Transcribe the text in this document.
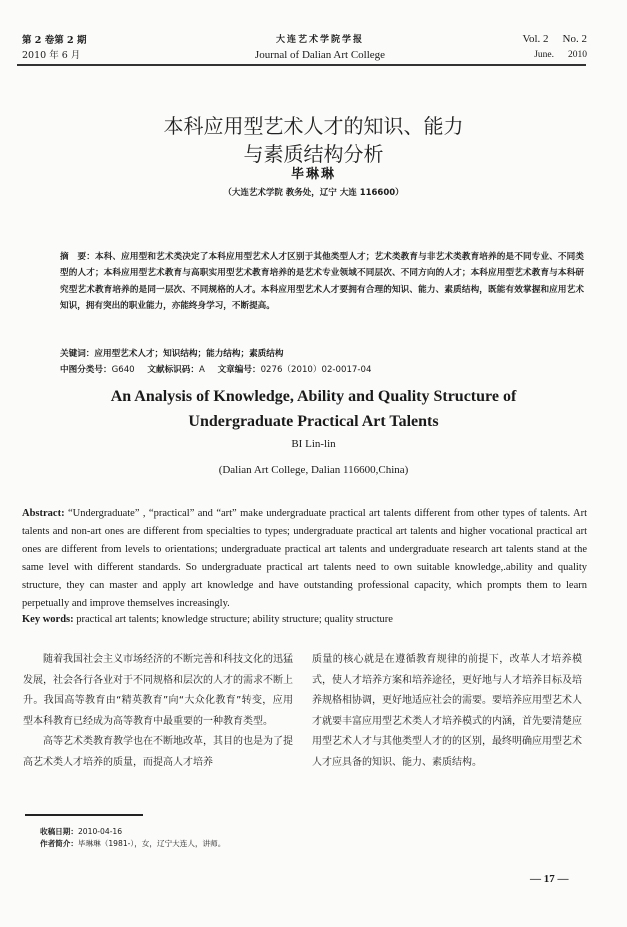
第 2 卷第 2 期
2010 年 6 月
大连艺术学院学报
Journal of Dalian Art College
Vol. 2 No. 2
June. 2010
本科应用型艺术人才的知识、能力
与素质结构分析
毕琳琳
（大连艺术学院 教务处，辽宁 大连 116600）
摘　要：本科、应用型和艺术类决定了本科应用型艺术人才区别于其他类型人才；艺术类教育与非艺术类教育培养的是不同专业、不同类型的人才；本科应用型艺术教育与高职实用型艺术教育培养的是艺术专业领域不同层次、不同方向的人才；本科应用型艺术教育与本科研究型艺术教育培养的是同一层次、不同规格的人才。本科应用型艺术人才要拥有合理的知识、能力、素质结构，既能有效掌握和应用艺术知识，拥有突出的职业能力，亦能终身学习，不断提高。
关键词：应用型艺术人才；知识结构；能力结构；素质结构
中图分类号：G640 文献标识码：A 文章编号：0276（2010）02-0017-04
An Analysis of Knowledge, Ability and Quality Structure of
Undergraduate Practical Art Talents
BI Lin-lin
(Dalian Art College, Dalian 116600,China)
Abstract: “Undergraduate” , “practical” and “art” make undergraduate practical art talents different from other types of talents. Art talents and non-art ones are different from specialties to types; undergraduate practical art talents and higher vocational practical art ones are different from levels to orientations; undergraduate practical art talents and undergraduate research art talents stand at the same level with different standards. So undergraduate practical art talents need to own suitable knowledge,.ability and quality structure, they can master and apply art knowledge and have outstanding professional capacity, which prompts them to learn perpetually and improve themselves increasingly.
Key words: practical art talents; knowledge structure; ability structure; quality structure

随着我国社会主义市场经济的不断完善和科技文化的迅猛发展，社会各行各业对于不同规格和层次的人才的需求不断上升。我国高等教育由“精英教育”向“大众化教育”转变，应用型本科教育已经成为高等教育中最重要的一种教育类型。

高等艺术类教育教学也在不断地改革，其目的也是为了提高艺术类人才培养的质量，而提高人才培养

质量的核心就是在遵循教育规律的前提下，改革人才培养模式，使人才培养方案和培养途径，更好地与人才培养目标及培养规格相协调，更好地适应社会的需要。要培养应用型艺术人才就要丰富应用型艺术类人才培养模式的内涵，首先要清楚应用型艺术人才与其他类型人才的的区别，最终明确应用型艺术人才应具备的知识、能力、素质结构。

收稿日期：2010-04-16
作者简介：毕琳琳（1981-），女，辽宁大连人，讲师。
— 17 —
